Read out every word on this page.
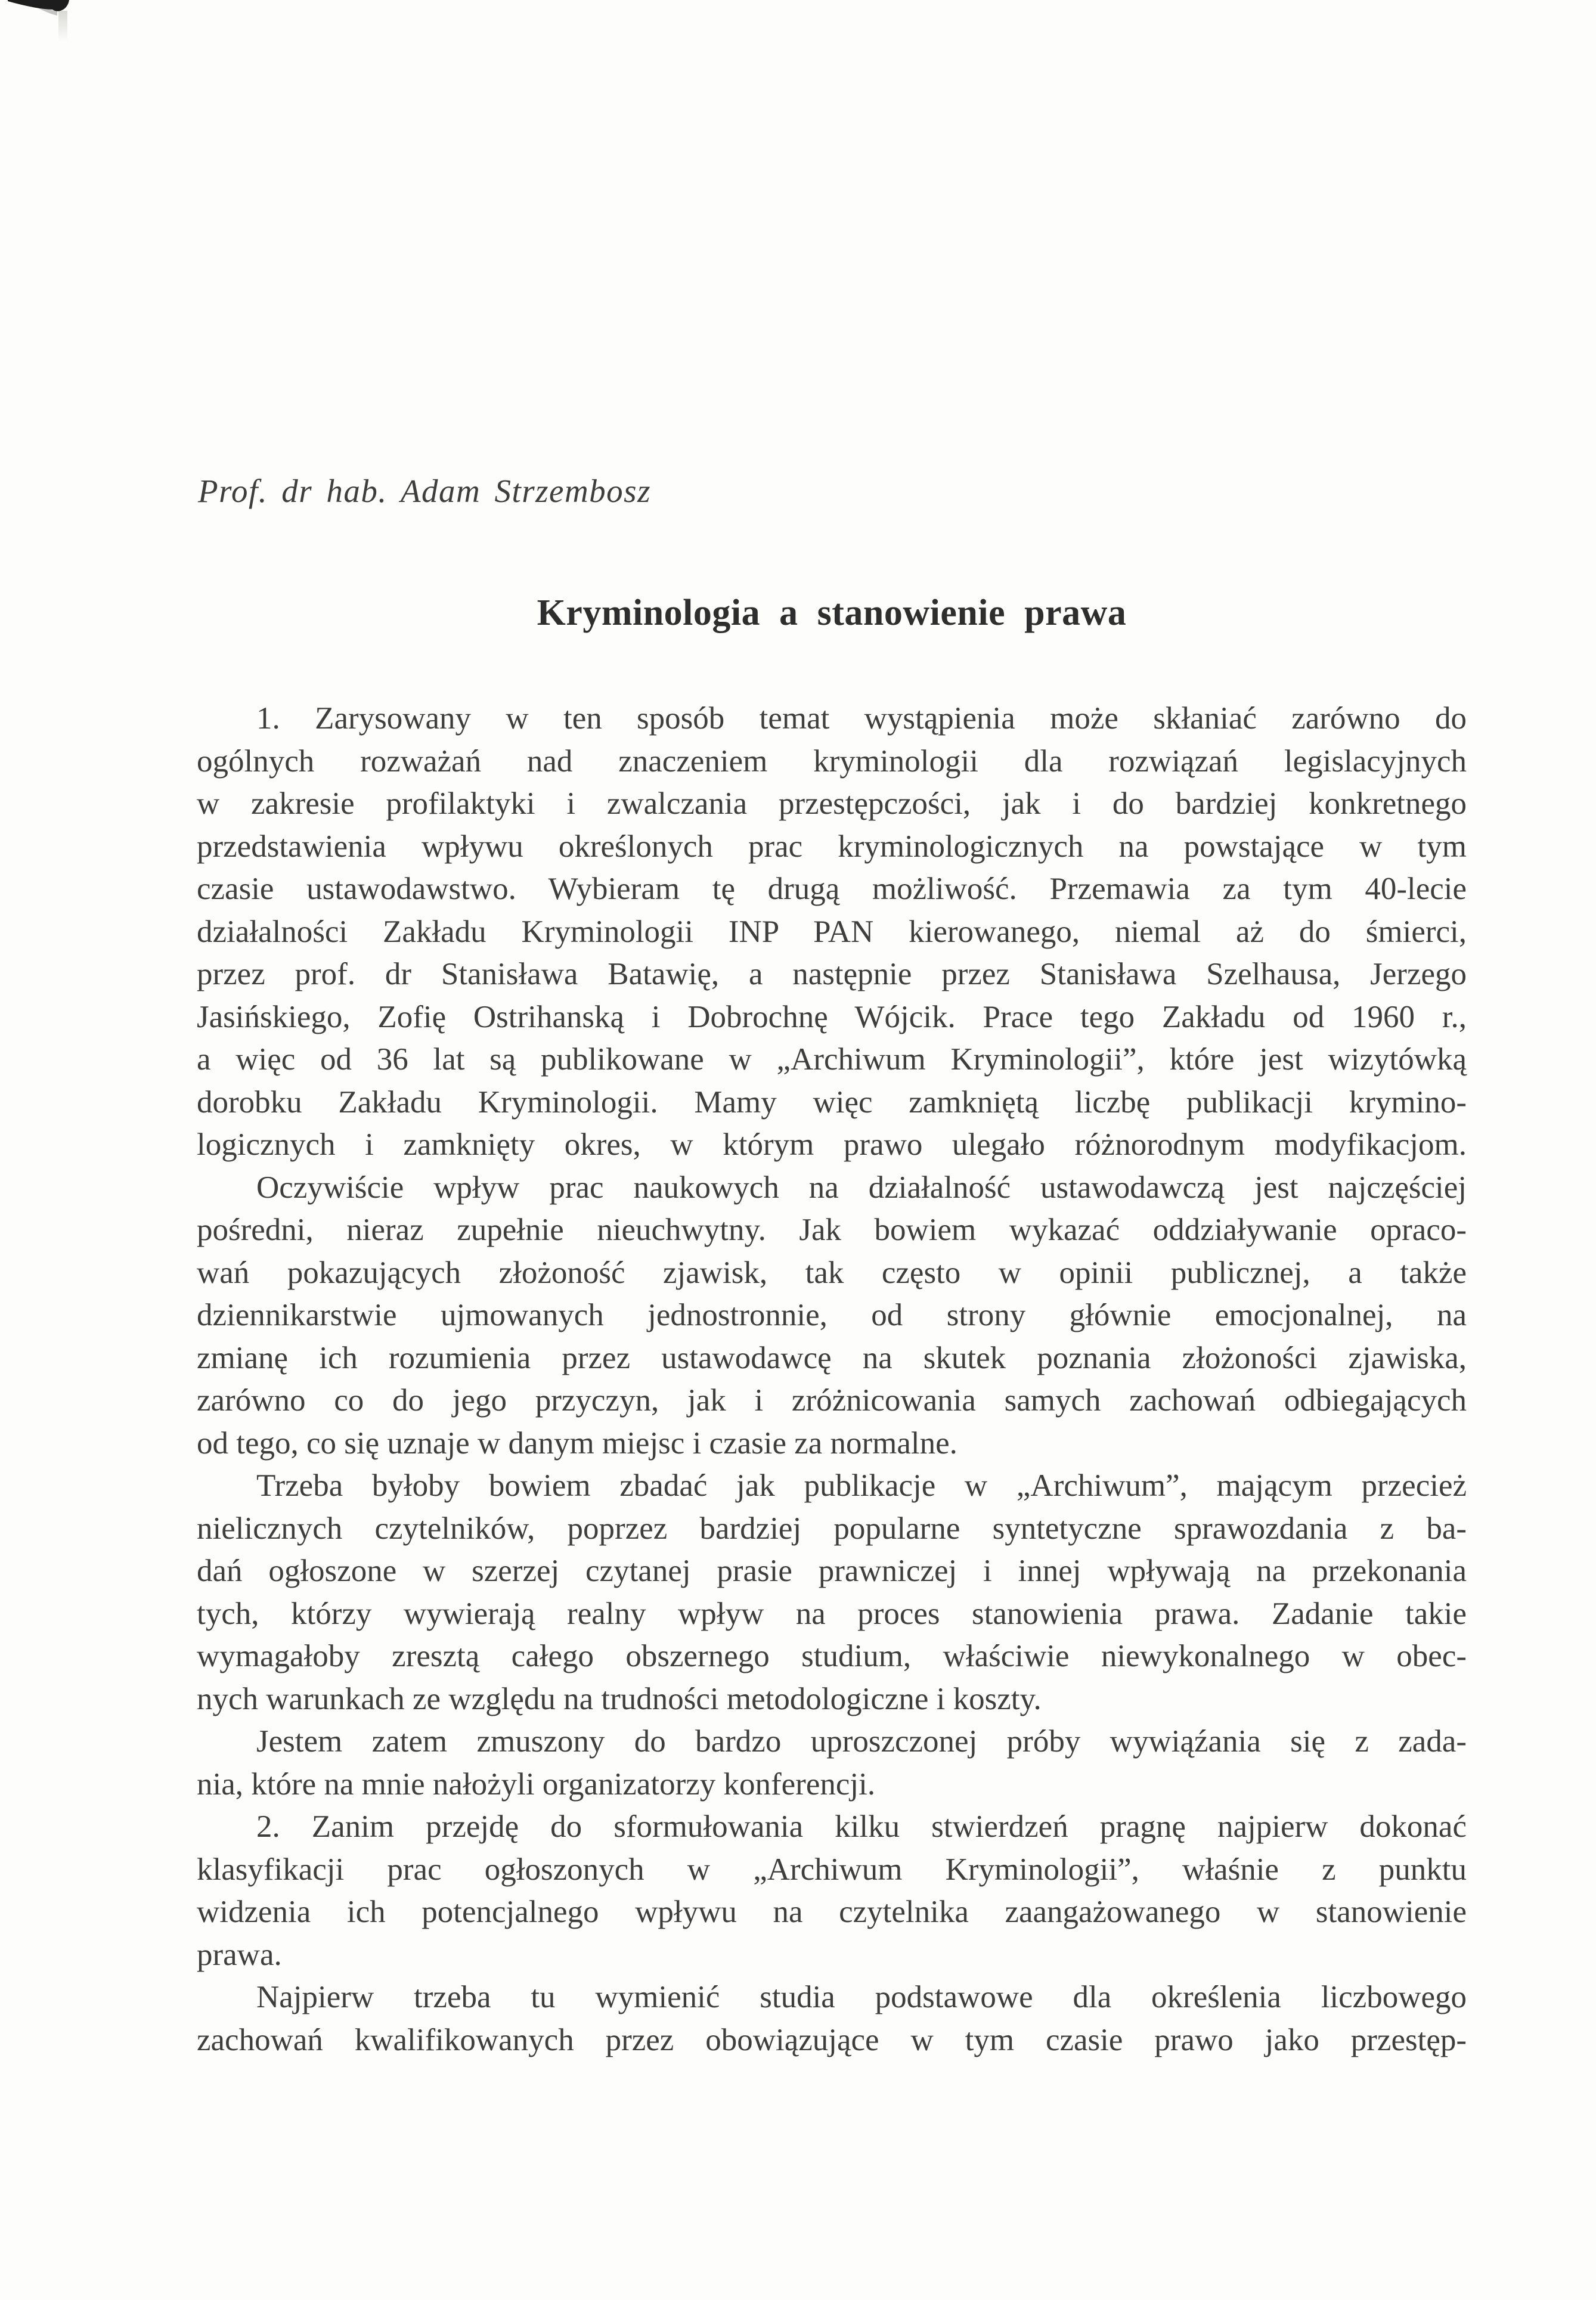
Prof. dr hab. Adam Strzembosz
Kryminologia a stanowienie prawa
1. Zarysowany w ten sposób temat wystąpienia może skłaniać zarówno do
ogólnych rozważań nad znaczeniem kryminologii dla rozwiązań legislacyjnych
w zakresie profilaktyki i zwalczania przestępczości, jak i do bardziej konkretnego
przedstawienia wpływu określonych prac kryminologicznych na powstające w tym
czasie ustawodawstwo. Wybieram tę drugą możliwość. Przemawia za tym 40-lecie
działalności Zakładu Kryminologii INP PAN kierowanego, niemal aż do śmierci,
przez prof. dr Stanisława Batawię, a następnie przez Stanisława Szelhausa, Jerzego
Jasińskiego, Zofię Ostrihanską i Dobrochnę Wójcik. Prace tego Zakładu od 1960 r.,
a więc od 36 lat są publikowane w „Archiwum Kryminologii”, które jest wizytówką
dorobku Zakładu Kryminologii. Mamy więc zamkniętą liczbę publikacji krymino-
logicznych i zamknięty okres, w którym prawo ulegało różnorodnym modyfikacjom.
Oczywiście wpływ prac naukowych na działalność ustawodawczą jest najczęściej
pośredni, nieraz zupełnie nieuchwytny. Jak bowiem wykazać oddziaływanie opraco-
wań pokazujących złożoność zjawisk, tak często w opinii publicznej, a także
dziennikarstwie ujmowanych jednostronnie, od strony głównie emocjonalnej, na
zmianę ich rozumienia przez ustawodawcę na skutek poznania złożoności zjawiska,
zarówno co do jego przyczyn, jak i zróżnicowania samych zachowań odbiegających
od tego, co się uznaje w danym miejsc i czasie za normalne.
Trzeba byłoby bowiem zbadać jak publikacje w „Archiwum”, mającym przecież
nielicznych czytelników, poprzez bardziej popularne syntetyczne sprawozdania z ba-
dań ogłoszone w szerzej czytanej prasie prawniczej i innej wpływają na przekonania
tych, którzy wywierają realny wpływ na proces stanowienia prawa. Zadanie takie
wymagałoby zresztą całego obszernego studium, właściwie niewykonalnego w obec-
nych warunkach ze względu na trudności metodologiczne i koszty.
Jestem zatem zmuszony do bardzo uproszczonej próby wywiąźania się z zada-
nia, które na mnie nałożyli organizatorzy konferencji.
2. Zanim przejdę do sformułowania kilku stwierdzeń pragnę najpierw dokonać
klasyfikacji prac ogłoszonych w „Archiwum Kryminologii”, właśnie z punktu
widzenia ich potencjalnego wpływu na czytelnika zaangażowanego w stanowienie
prawa.
Najpierw trzeba tu wymienić studia podstawowe dla określenia liczbowego
zachowań kwalifikowanych przez obowiązujące w tym czasie prawo jako przestęp-
